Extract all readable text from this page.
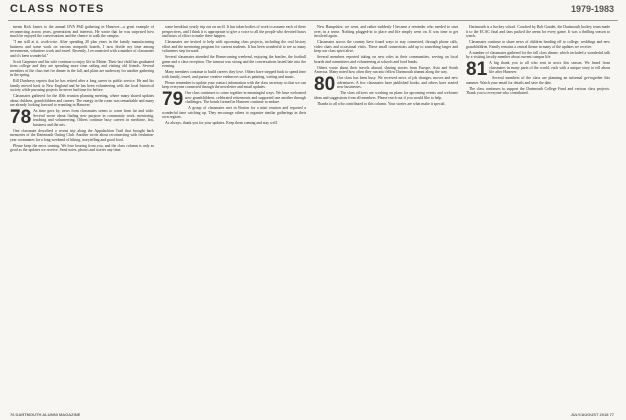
CLASS NOTES	1979-1983

ments Rick James to the annual DVA PhD gathering in Hanover—a great example of reconnecting across years, generations and interests. He wrote that he was surprised how much he enjoyed the conversations and the chance to walk the campus.

"I am still at it, work-wise. After spending 20 plus years in the family manufacturing business and some work on various nonprofit boards, I now divide my time among investments, volunteer work and travel. Recently, I reconnected with a number of classmates and it's been wonderful."

Scott Carpenter and his wife continue to enjoy life in Maine. Their last child has graduated from college and they are spending more time sailing and visiting old friends. Several members of the class met for dinner in the fall, and plans are underway for another gathering in the spring.

Bill Dunleavy reports that he has retired after a long career in public service. He and his family moved back to New England and he has been volunteering with the local historical society while pursuing projects he never had time for before.

Classmates gathered for the 40th reunion planning meeting, where many shared updates about children, grandchildren and careers. The energy in the room was remarkable and many are already looking forward to reuniting in Hanover.

78 As time goes by, news from classmates seems to come from far and wide. Several wrote about finding new purpose in community work, mentoring, teaching and volunteering. Others continue busy careers in medicine, law, business and the arts.

One classmate described a recent trip along the Appalachian Trail that brought back memories of the Dartmouth Outing Club. Another wrote about reconnecting with freshman-year roommates for a long weekend of hiking, storytelling and good food.

Please keep the news coming. We love hearing from you, and the class column is only as good as the updates we receive. Send notes, photos and stories any time.

some breakfast yearly trip out on an ill. It has taken bodies of work to assume each of these perspectives, and I think it is appropriate to give a voice to all the people who devoted hours and hours of effort to make these happen.

Classmates are invited to help with upcoming class projects, including the oral history effort and the mentoring program for current students. It has been wonderful to see so many volunteers step forward.

Several classmates attended the Homecoming weekend, enjoying the bonfire, the football game and a class reception. The turnout was strong and the conversations lasted late into the evening.

Many members continue to build careers they love. Others have stepped back to spend time with family, travel, and pursue creative endeavors such as painting, writing and music.

Please remember to update your contact information with the class secretary so that we can keep everyone connected through the newsletter and email updates.

79 Our class continues to come together in meaningful ways. We have welcomed new grandchildren, celebrated retirements and supported one another through challenges. The bonds formed in Hanover continue to endure.

A group of classmates met in Boston for a mini reunion and reported a wonderful time catching up. They encourage others to organize similar gatherings in their own regions.

As always, thank you for your updates. Keep them coming and stay well.

New Hampshire, we went, and rather suddenly I became a reminder who needed to start over, in a sense. Nothing plugged-in to place and life simply went on. It was time to get involved again.

Classmates across the country have found ways to stay connected, through phone calls, video chats and occasional visits. These small connections add up to something larger and keep our class spirit alive.

Several members reported taking on new roles in their communities, serving on local boards and committees and volunteering at schools and food banks.

Others wrote about their travels abroad, sharing stories from Europe, Asia and South America. Many noted how often they ran into fellow Dartmouth alumni along the way.

80 Our class has been busy. We received news of job changes, moves and new adventures. A few classmates have published books, and others have started new businesses.

The class officers are working on plans for upcoming events and welcome ideas and suggestions from all members. Please reach out if you would like to help.

Thanks to all who contributed to this column. Your stories are what make it special.

Dartmouth is a hockey school. Coached by Bob Gaudet, the Dartmouth hockey team made it to the ECAC final and fans packed the arena for every game. It was a thrilling season to watch.

Classmates continue to share news of children heading off to college, weddings and new grandchildren. Family remains a central theme in many of the updates we receive.

A number of classmates gathered for the fall class dinner, which included a wonderful talk by a visiting faculty member about current campus life.

81 A big thank you to all who sent in news this season. We heard from classmates in many parts of the world, each with a unique story to tell about life after Hanover.

Several members of the class are planning an informal get-together this summer. Watch your email for details and save the date.

The class continues to support the Dartmouth College Fund and various class projects. Thank you to everyone who contributed.

76 DARTMOUTH ALUMNI MAGAZINE	JULY/AUGUST 2018 77
